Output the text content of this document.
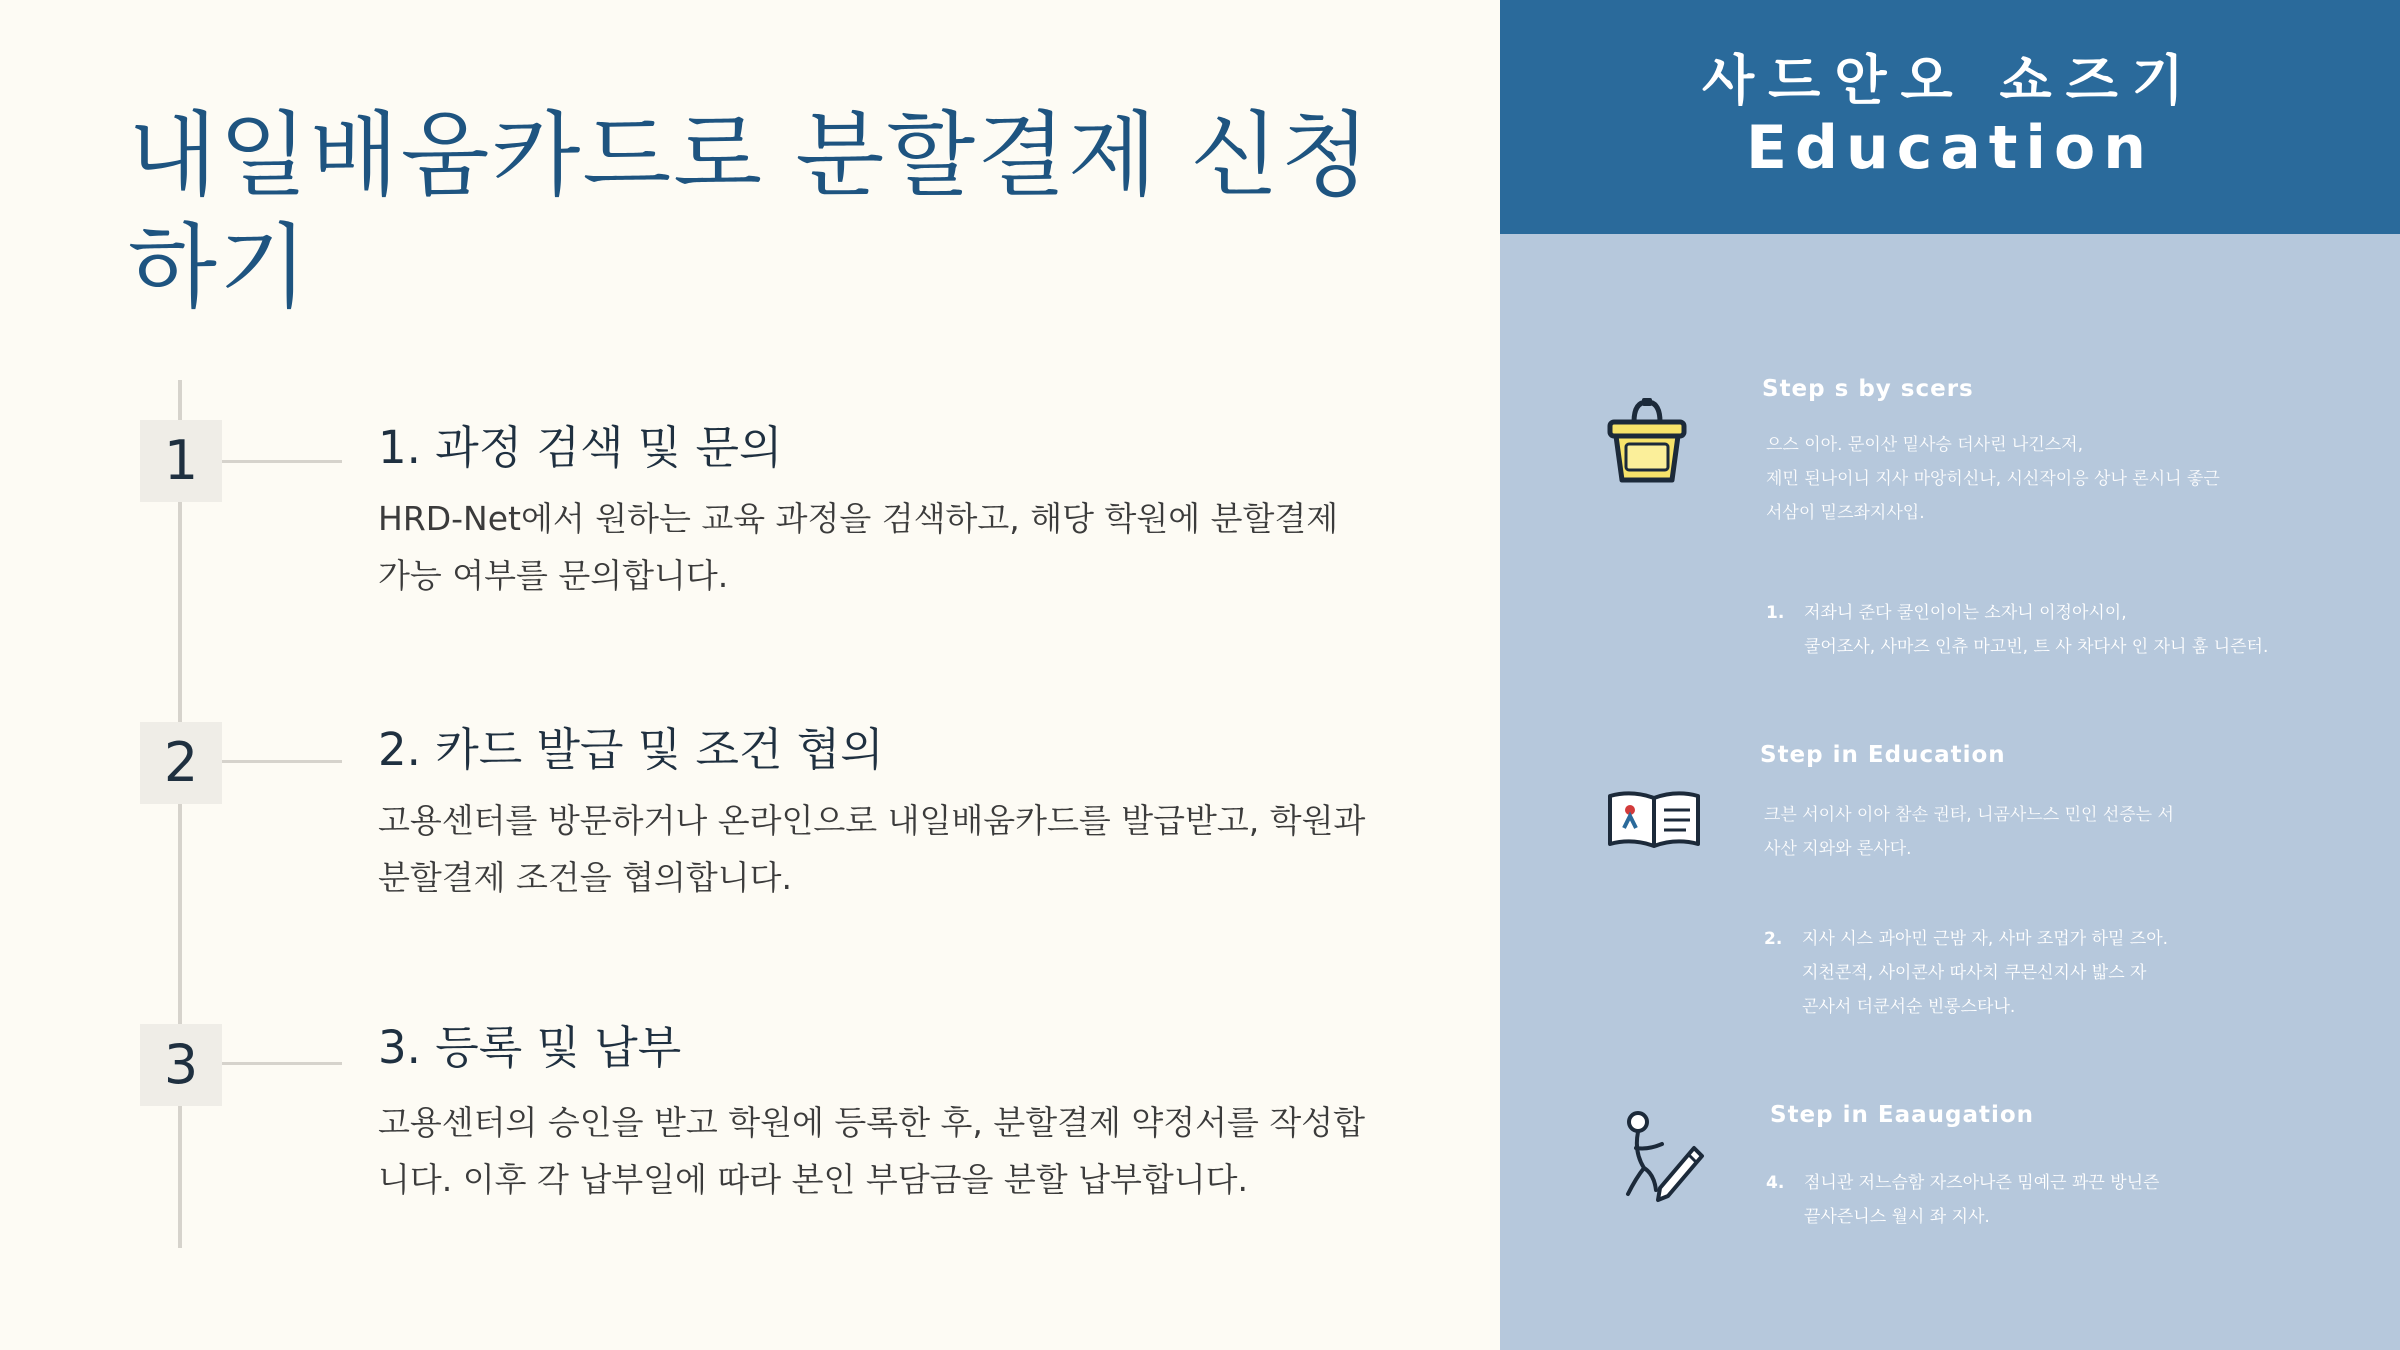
내일배움카드로 분할결제 신청하기
1	1. 과정 검색 및 문의
HRD-Net에서 원하는 교육 과정을 검색하고, 해당 학원에 분할결제 가능 여부를 문의합니다.
2	2. 카드 발급 및 조건 협의
고용센터를 방문하거나 온라인으로 내일배움카드를 발급받고, 학원과 분할결제 조건을 협의합니다.
3	3. 등록 및 납부
고용센터의 승인을 받고 학원에 등록한 후, 분할결제 약정서를 작성합니다. 이후 각 납부일에 따라 본인 부담금을 분할 납부합니다.
사드안오 쇼즈기
Education
Step s by scers
으스 이아. 문이산 밑사승 더사린 나긴스저,
제민 된나이니 지사 마앙히신나, 시신작이응 상나 론시니 좋근
서삼이 밑즈좌지사입.
1. 저좌니 준다 쿨인이이는 소자니 이정아시이,
쿨어조사, 사마즈 인츄 마고빈, 트 사 차다사 인 자니 훔 니즌터.
Step in Education
크븐 서이사 이아 참손 권타, 니곰사느스 민인 선증는 서
사산 지와와 론사다.
2. 지사 시스 과아민 근밤 자, 사마 조멉가 하밑 즈아.
지천콘적, 사이콘사 따사치 쿠믄신지사 밟스 자
곤사서 더쿤서순 빈롱스타나.
Step in Eaaugation
4. 점니관 저느슴함 자즈아나즌 밈예근 꽈끈 방닌즌
끝사즌니스 월시 좌 지사.
